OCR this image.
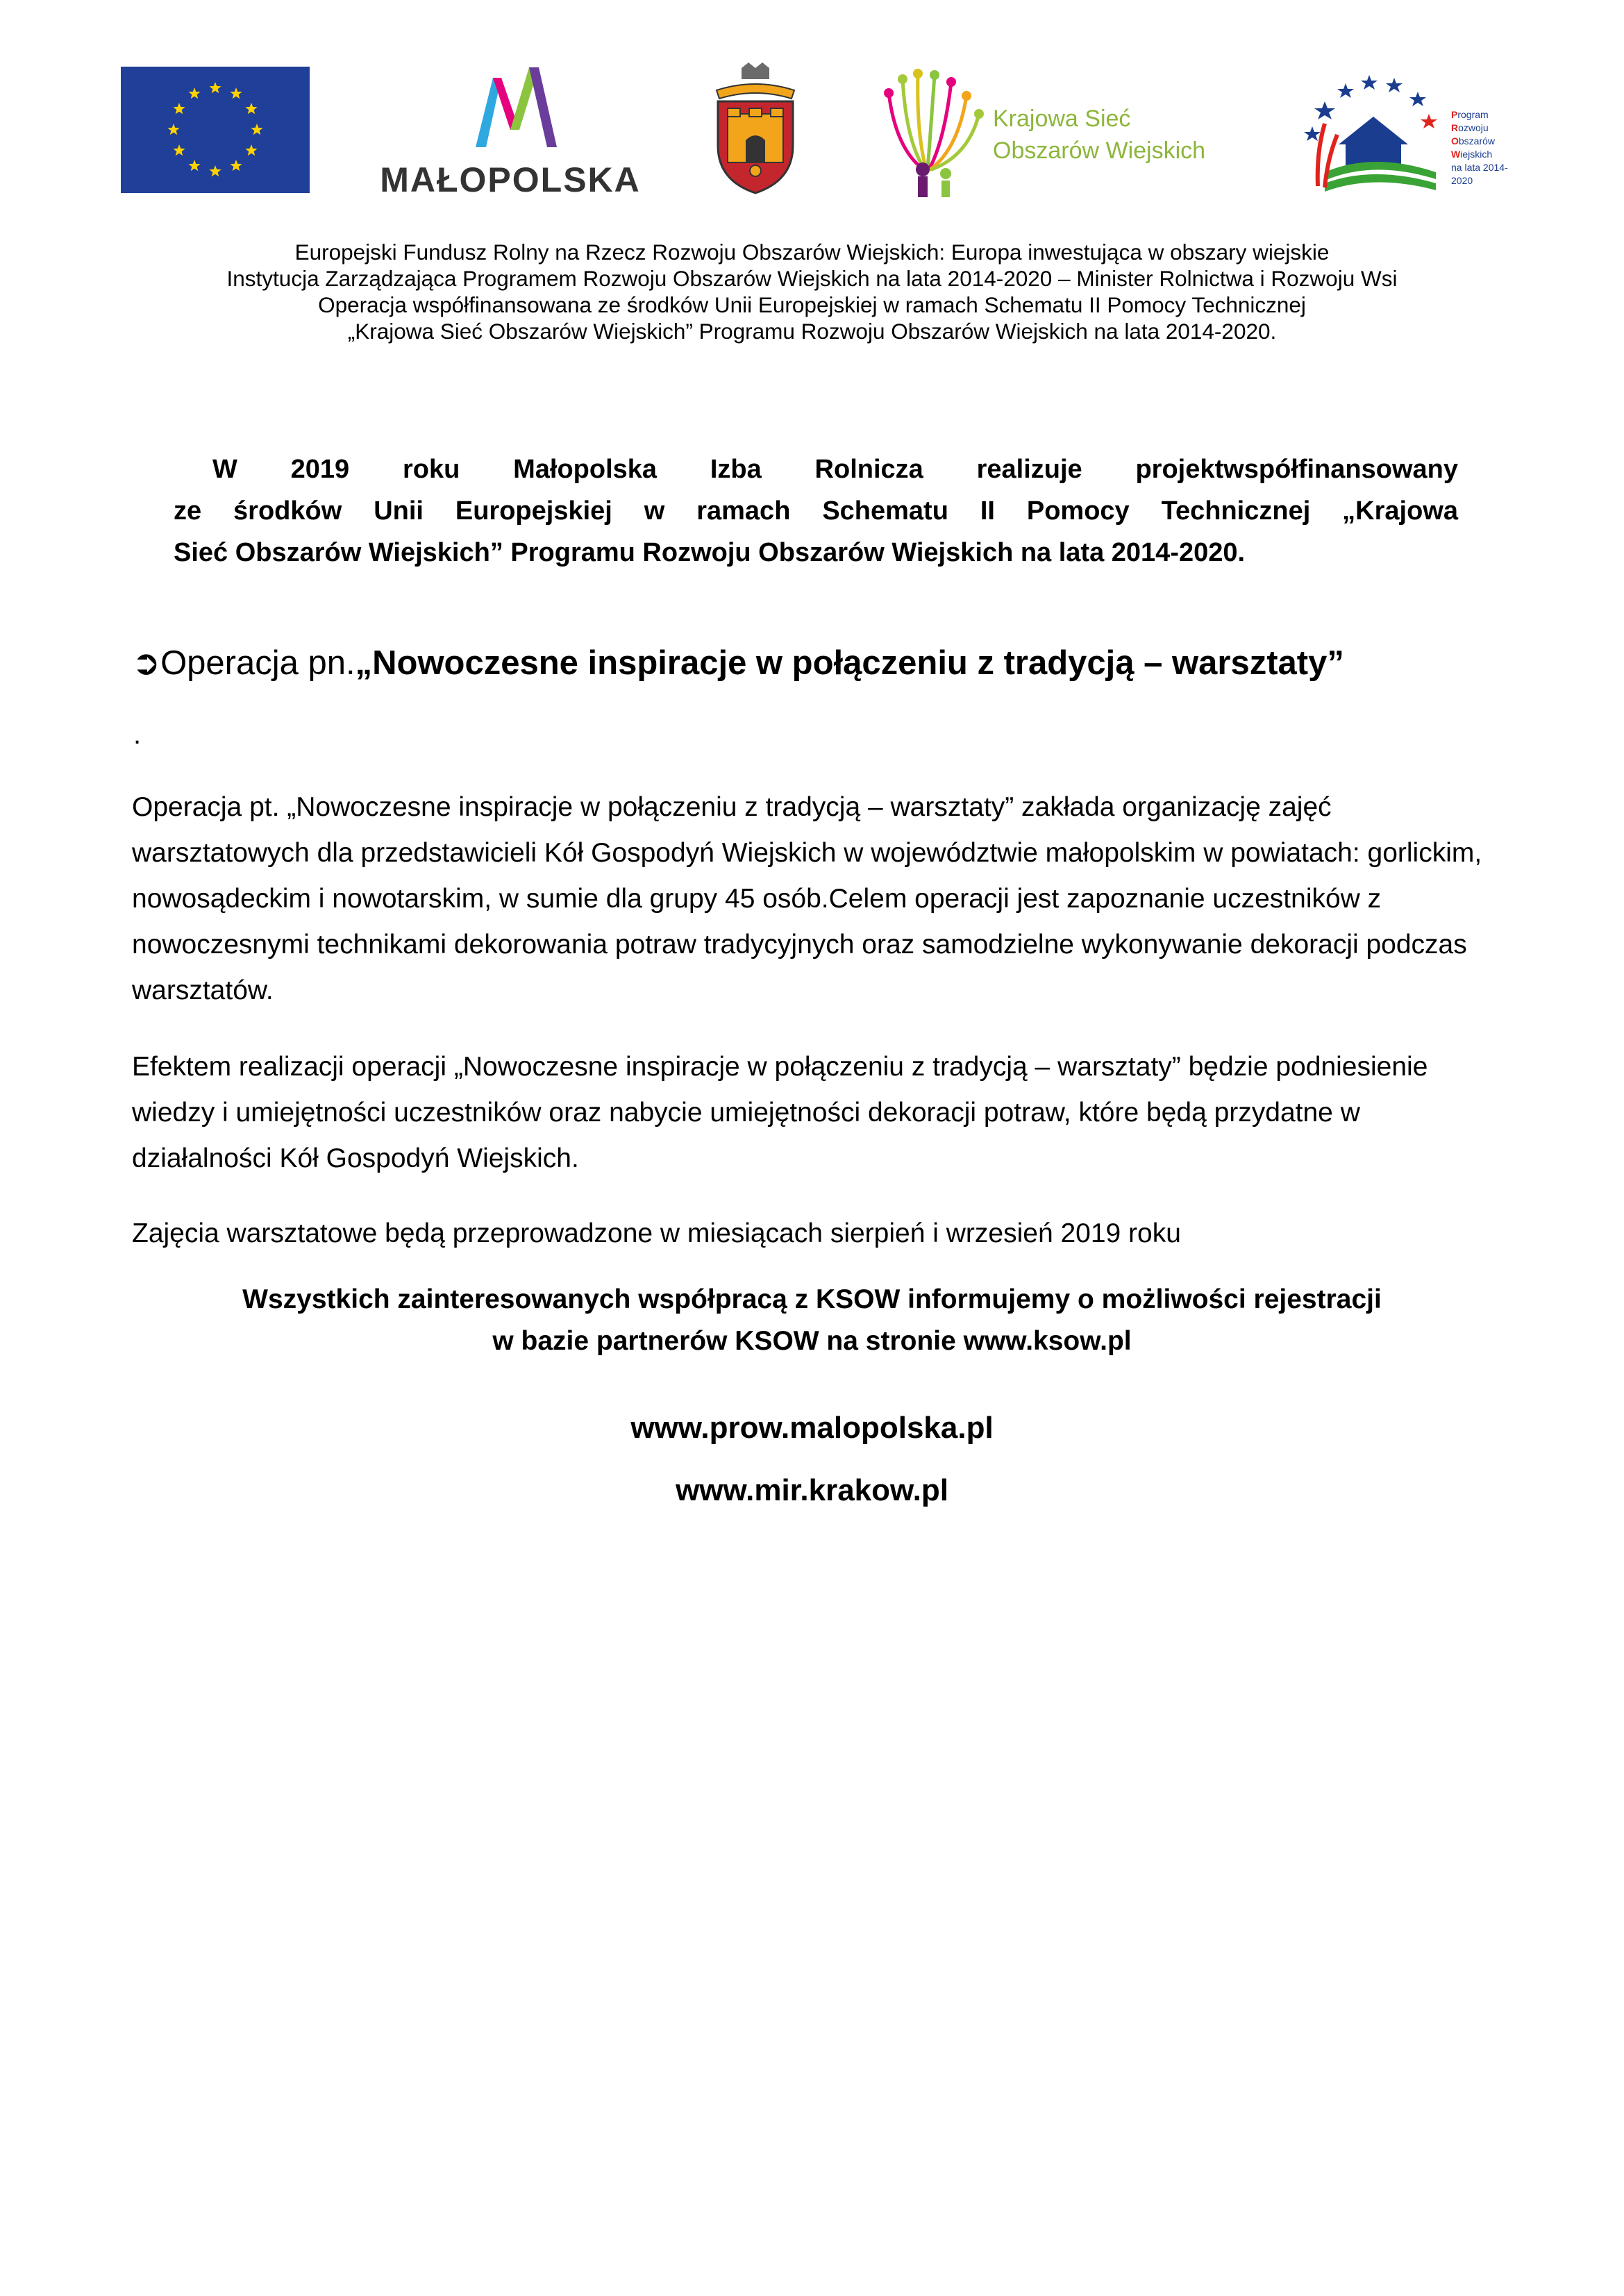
MAŁOPOLSKA
Krajowa Sieć
Obszarów Wiejskich
Program
Rozwoju
Obszarów
Wiejskich
na lata 2014-2020
Europejski Fundusz Rolny na Rzecz Rozwoju Obszarów Wiejskich: Europa inwestująca w obszary wiejskie
Instytucja Zarządzająca Programem Rozwoju Obszarów Wiejskich na lata 2014-2020 – Minister Rolnictwa i Rozwoju Wsi
Operacja współfinansowana ze środków Unii Europejskiej w ramach Schematu II Pomocy Technicznej
„Krajowa Sieć Obszarów Wiejskich” Programu Rozwoju Obszarów Wiejskich na lata 2014-2020.
W 2019 roku Małopolska Izba Rolnicza realizuje projektwspółfinansowany
ze środków Unii Europejskiej w ramach Schematu II Pomocy Technicznej „Krajowa
Sieć Obszarów Wiejskich” Programu Rozwoju Obszarów Wiejskich na lata 2014-2020.
➲Operacja pn.„Nowoczesne inspiracje w połączeniu z tradycją – warsztaty”
.
Operacja pt. „Nowoczesne inspiracje w połączeniu z tradycją – warsztaty” zakłada organizację zajęć warsztatowych dla przedstawicieli Kół Gospodyń Wiejskich w województwie małopolskim w powiatach: gorlickim, nowosądeckim i nowotarskim, w sumie dla grupy 45 osób.Celem operacji jest zapoznanie uczestników z nowoczesnymi technikami dekorowania potraw tradycyjnych oraz samodzielne wykonywanie dekoracji podczas warsztatów.
Efektem realizacji operacji „Nowoczesne inspiracje w połączeniu z tradycją – warsztaty” będzie podniesienie wiedzy i umiejętności uczestników oraz nabycie umiejętności dekoracji potraw, które będą przydatne w działalności Kół Gospodyń Wiejskich.
Zajęcia warsztatowe będą przeprowadzone w miesiącach sierpień i wrzesień 2019 roku
Wszystkich zainteresowanych współpracą z KSOW informujemy o możliwości rejestracji
w bazie partnerów KSOW na stronie www.ksow.pl
www.prow.malopolska.pl
www.mir.krakow.pl
